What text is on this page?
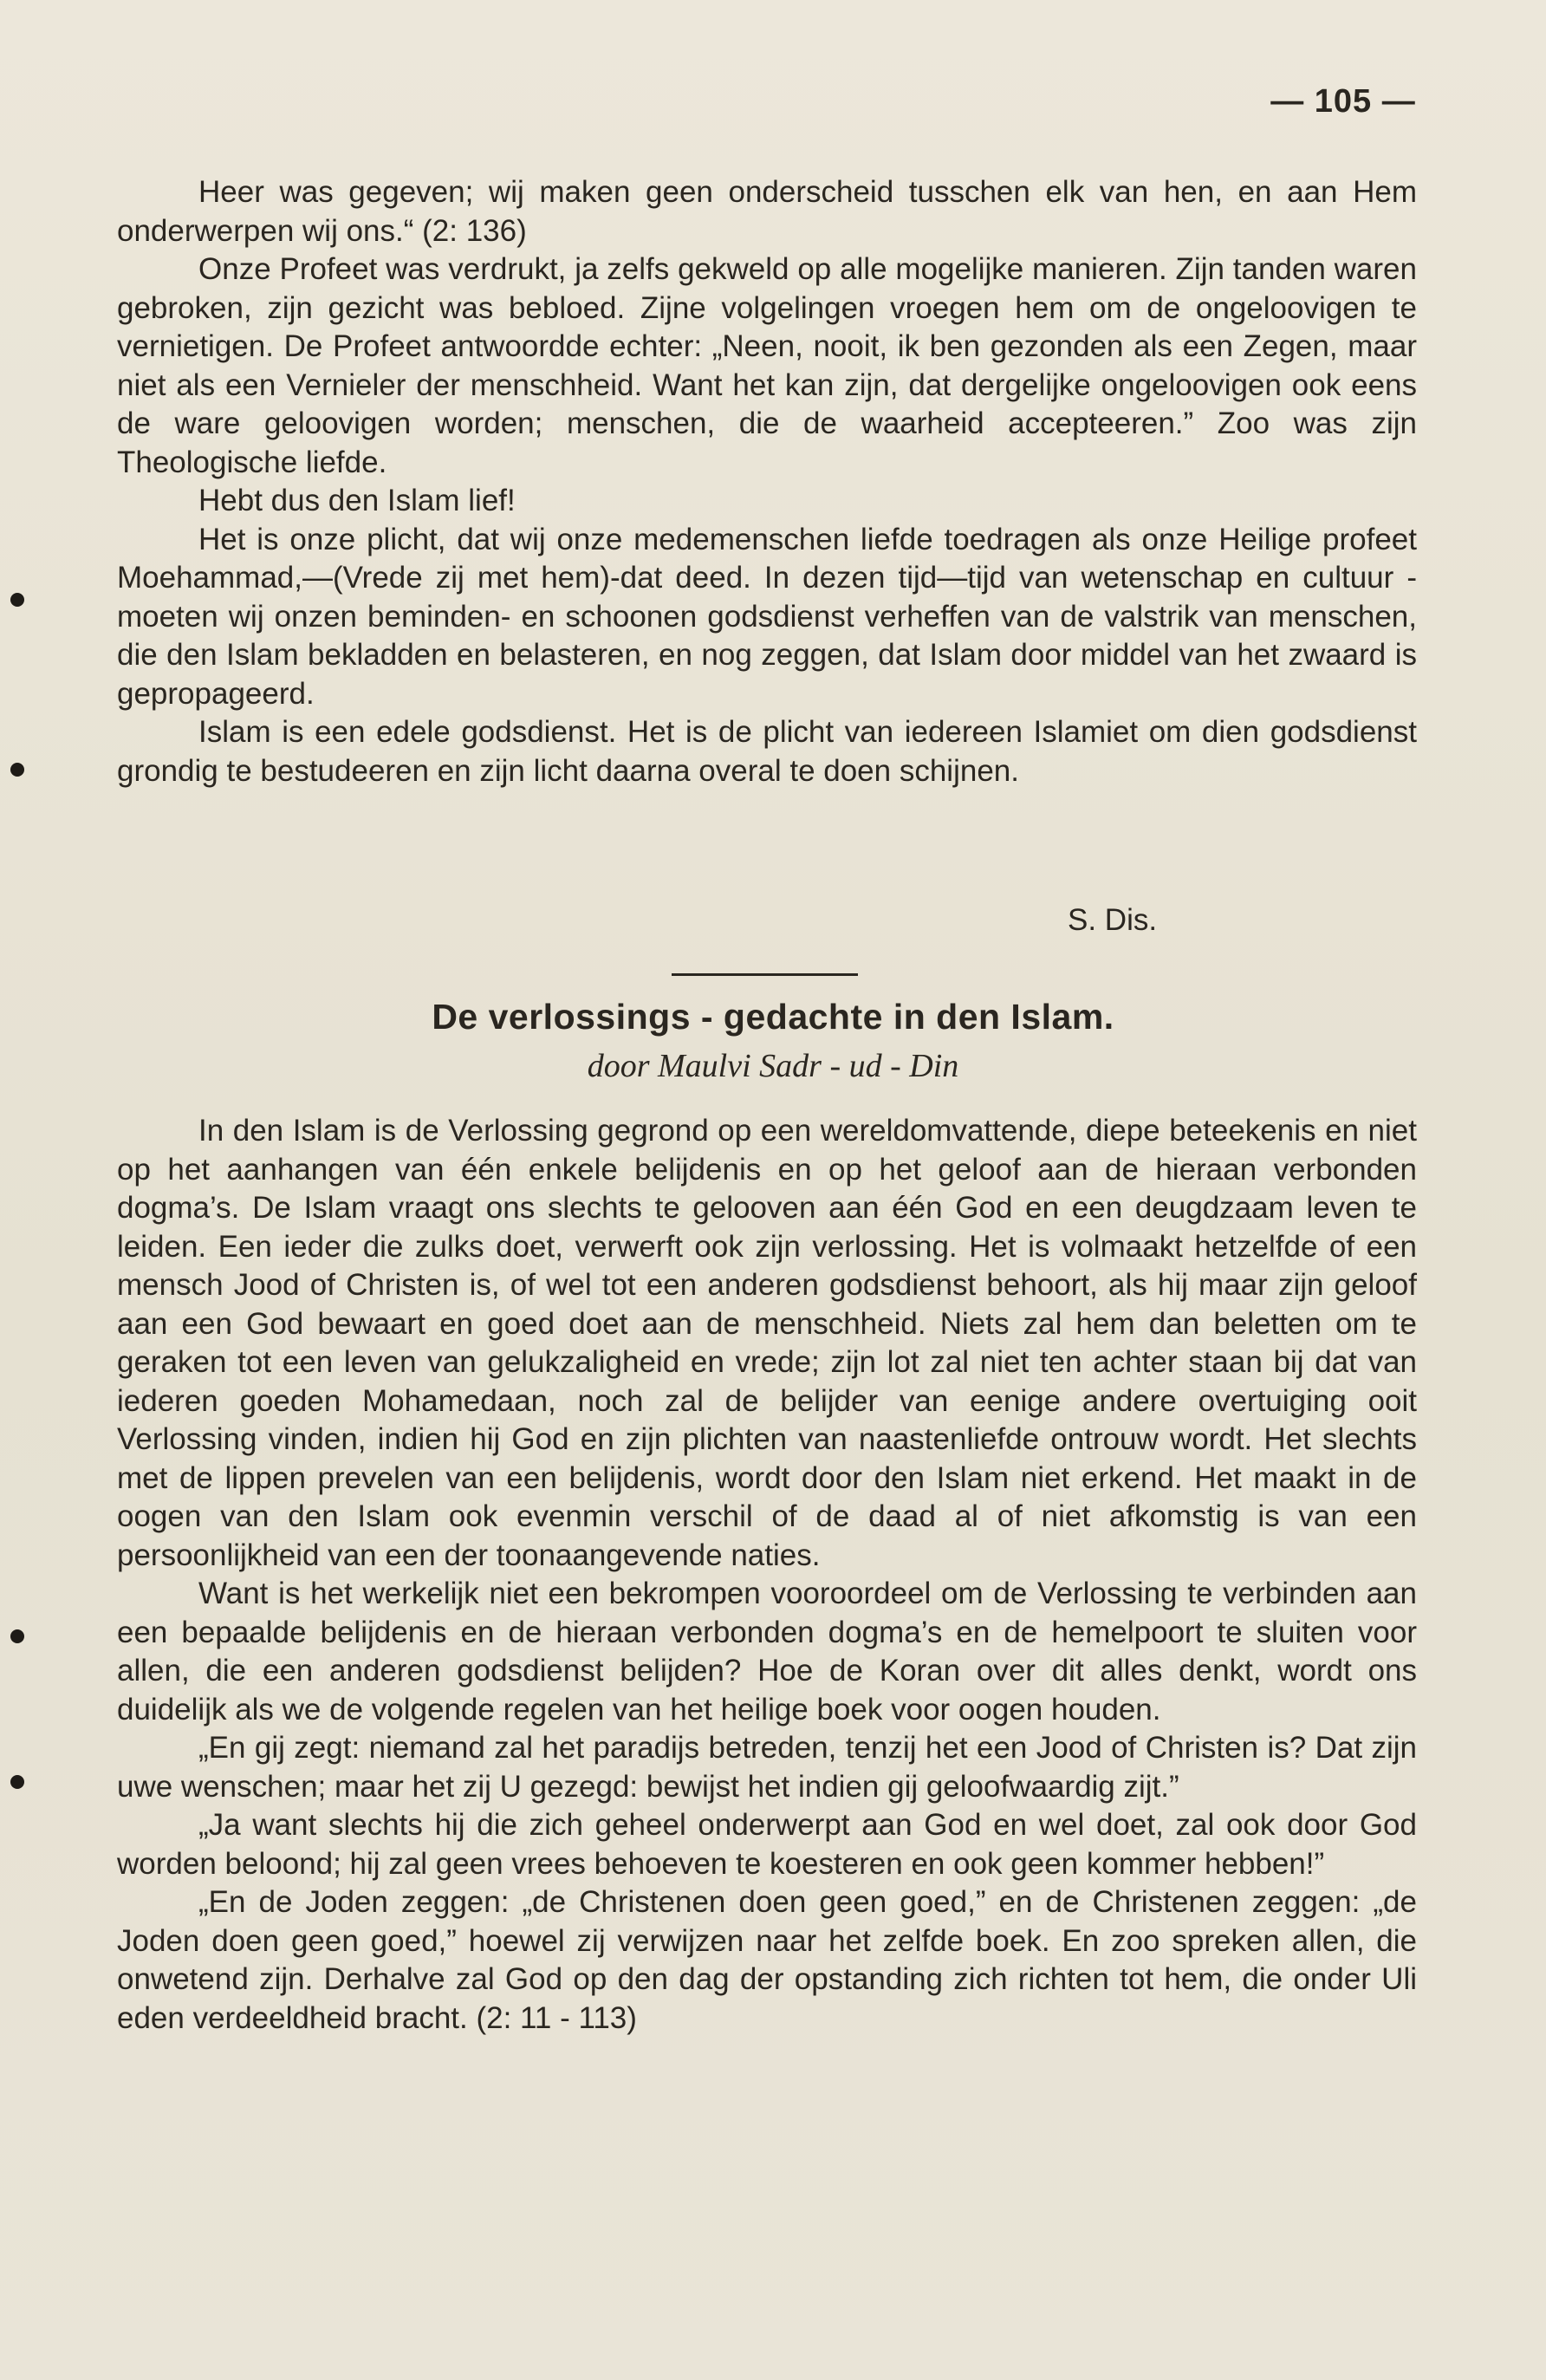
— 105 —

Heer was gegeven; wij maken geen onderscheid tusschen elk van hen, en aan Hem onderwerpen wij ons.“ (2: 136)

Onze Profeet was verdrukt, ja zelfs gekweld op alle mogelijke manieren. Zijn tanden waren gebroken, zijn gezicht was bebloed. Zijne volgelingen vroegen hem om de ongeloovigen te vernietigen. De Profeet antwoordde echter: „Neen, nooit, ik ben gezonden als een Zegen, maar niet als een Vernieler der menschheid. Want het kan zijn, dat dergelijke ongeloovigen ook eens de ware geloovigen worden; menschen, die de waarheid accepteeren.” Zoo was zijn Theologische liefde.

Hebt dus den Islam lief!

Het is onze plicht, dat wij onze medemenschen liefde toedragen als onze Heilige profeet Moehammad,—(Vrede zij met hem)-dat deed. In dezen tijd—tijd van wetenschap en cultuur - moeten wij onzen beminden- en schoonen godsdienst verheffen van de valstrik van menschen, die den Islam bekladden en belasteren, en nog zeggen, dat Islam door middel van het zwaard is gepropageerd.

Islam is een edele godsdienst. Het is de plicht van iedereen Islamiet om dien godsdienst grondig te bestudeeren en zijn licht daarna overal te doen schijnen.

S. Dis.
De verlossings - gedachte in den Islam.
door Maulvi Sadr - ud - Din

In den Islam is de Verlossing gegrond op een wereldomvattende, diepe beteekenis en niet op het aanhangen van één enkele belijdenis en op het geloof aan de hieraan verbonden dogma’s. De Islam vraagt ons slechts te gelooven aan één God en een deugdzaam leven te leiden. Een ieder die zulks doet, verwerft ook zijn verlossing. Het is volmaakt hetzelfde of een mensch Jood of Christen is, of wel tot een anderen godsdienst behoort, als hij maar zijn geloof aan een God bewaart en goed doet aan de menschheid. Niets zal hem dan beletten om te geraken tot een leven van gelukzaligheid en vrede; zijn lot zal niet ten achter staan bij dat van iederen goeden Mohamedaan, noch zal de belijder van eenige andere overtuiging ooit Verlossing vinden, indien hij God en zijn plichten van naastenliefde ontrouw wordt. Het slechts met de lippen prevelen van een belijdenis, wordt door den Islam niet erkend. Het maakt in de oogen van den Islam ook evenmin verschil of de daad al of niet afkomstig is van een persoonlijkheid van een der toonaangevende naties.

Want is het werkelijk niet een bekrompen vooroordeel om de Verlossing te verbinden aan een bepaalde belijdenis en de hieraan verbonden dogma’s en de hemelpoort te sluiten voor allen, die een anderen godsdienst belijden? Hoe de Koran over dit alles denkt, wordt ons duidelijk als we de volgende regelen van het heilige boek voor oogen houden.

„En gij zegt: niemand zal het paradijs betreden, tenzij het een Jood of Christen is? Dat zijn uwe wenschen; maar het zij U gezegd: bewijst het indien gij geloofwaardig zijt.”

„Ja want slechts hij die zich geheel onderwerpt aan God en wel doet, zal ook door God worden beloond; hij zal geen vrees behoeven te koesteren en ook geen kommer hebben!”

„En de Joden zeggen: „de Christenen doen geen goed,” en de Christenen zeggen: „de Joden doen geen goed,” hoewel zij verwijzen naar het zelfde boek. En zoo spreken allen, die onwetend zijn. Derhalve zal God op den dag der opstanding zich richten tot hem, die onder Uli eden verdeeldheid bracht. (2: 11 - 113)
